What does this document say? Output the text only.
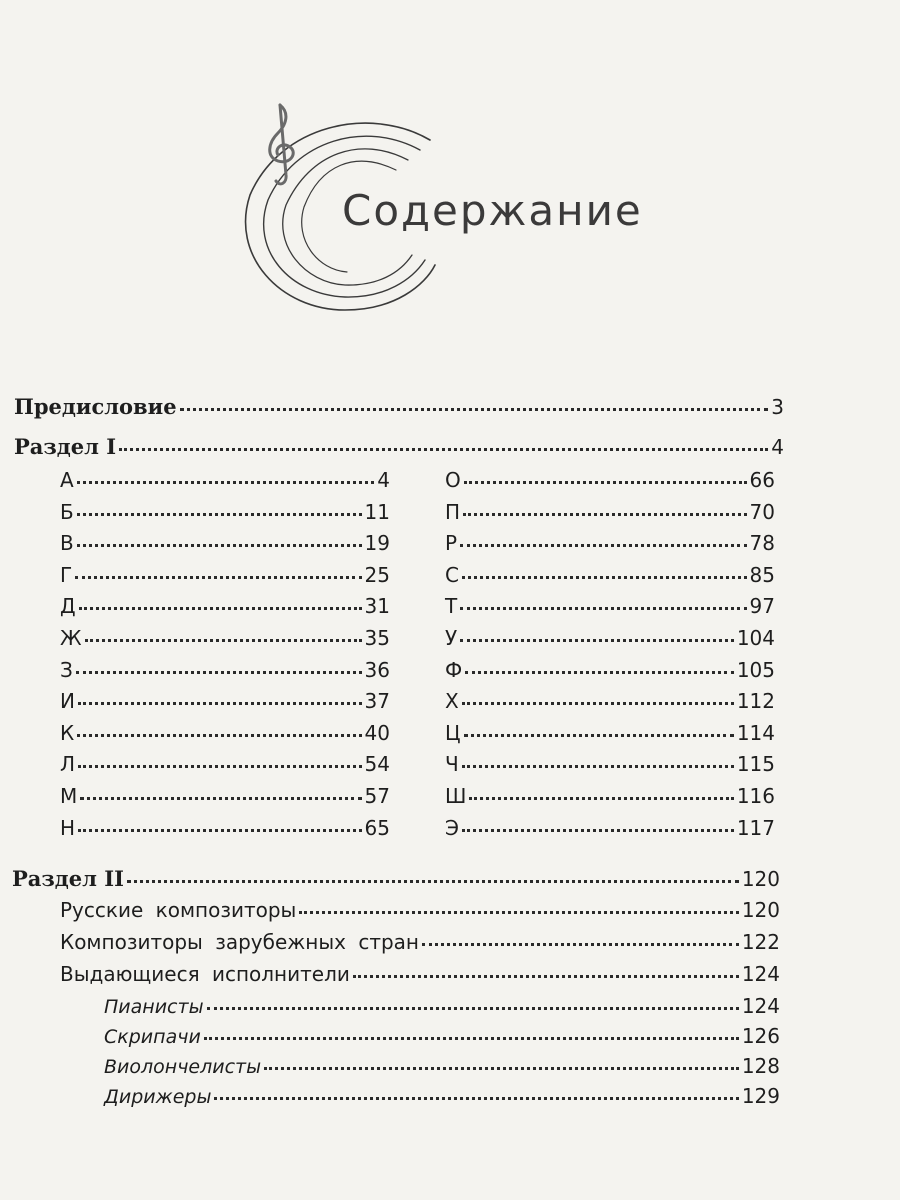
Содержание
Предисловие	3
Раздел I	4
А	4
Б	11
В	19
Г	25
Д	31
Ж	35
З	36
И	37
К	40
Л	54
М	57
Н	65
О	66
П	70
Р	78
С	85
Т	97
У	104
Ф	105
Х	112
Ц	114
Ч	115
Ш	116
Э	117
Раздел II	120
Русские композиторы	120
Композиторы зарубежных стран	122
Выдающиеся исполнители	124
Пианисты	124
Скрипачи	126
Виолончелисты	128
Дирижеры	129
